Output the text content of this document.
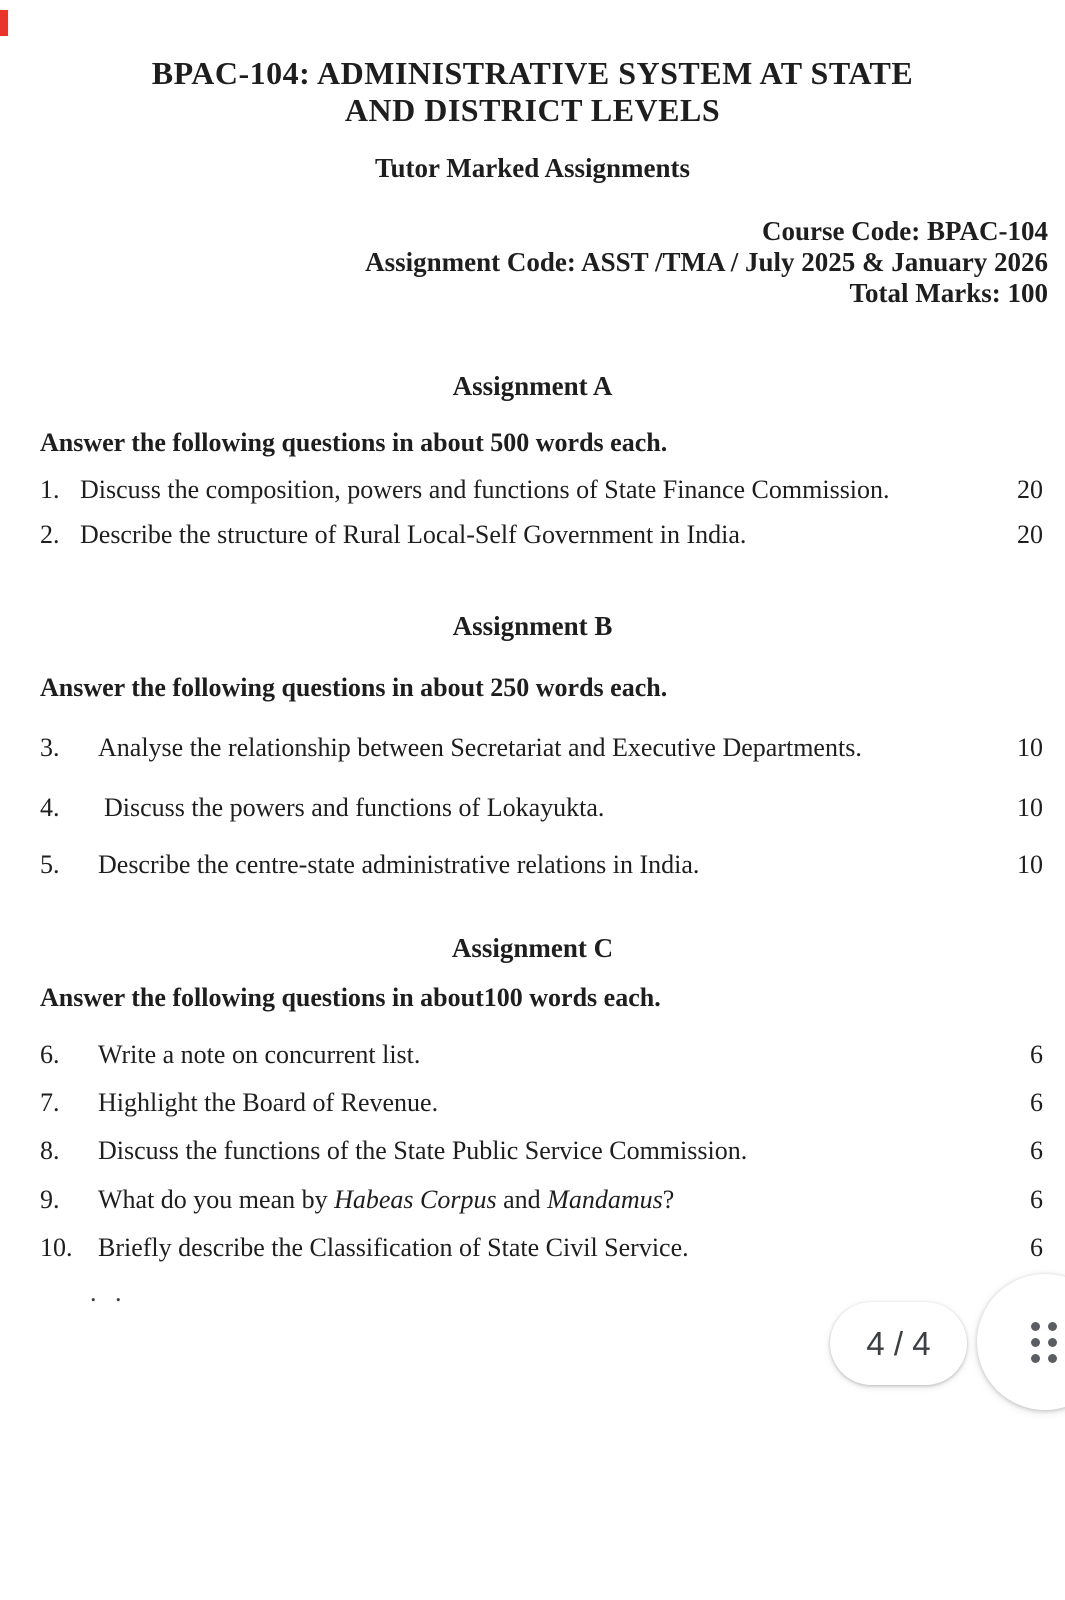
BPAC-104: ADMINISTRATIVE SYSTEM AT STATE
AND DISTRICT LEVELS
Tutor Marked Assignments
Course Code: BPAC-104
Assignment Code: ASST /TMA / July 2025 & January 2026
Total Marks: 100
Assignment A
Answer the following questions in about 500 words each.
1. Discuss the composition, powers and functions of State Finance Commission.	20
2. Describe the structure of Rural Local-Self Government in India.	20
Assignment B
Answer the following questions in about 250 words each.
3.	Analyse the relationship between Secretariat and Executive Departments.	10
4.	Discuss the powers and functions of Lokayukta.	10
5.	Describe the centre-state administrative relations in India.	10
Assignment C
Answer the following questions in about100 words each.
6.	Write a note on concurrent list.	6
7.	Highlight the Board of Revenue.	6
8.	Discuss the functions of the State Public Service Commission.	6
9.	What do you mean by Habeas Corpus and Mandamus?	6
10. Briefly describe the Classification of State Civil Service.	6
. .
4 / 4
